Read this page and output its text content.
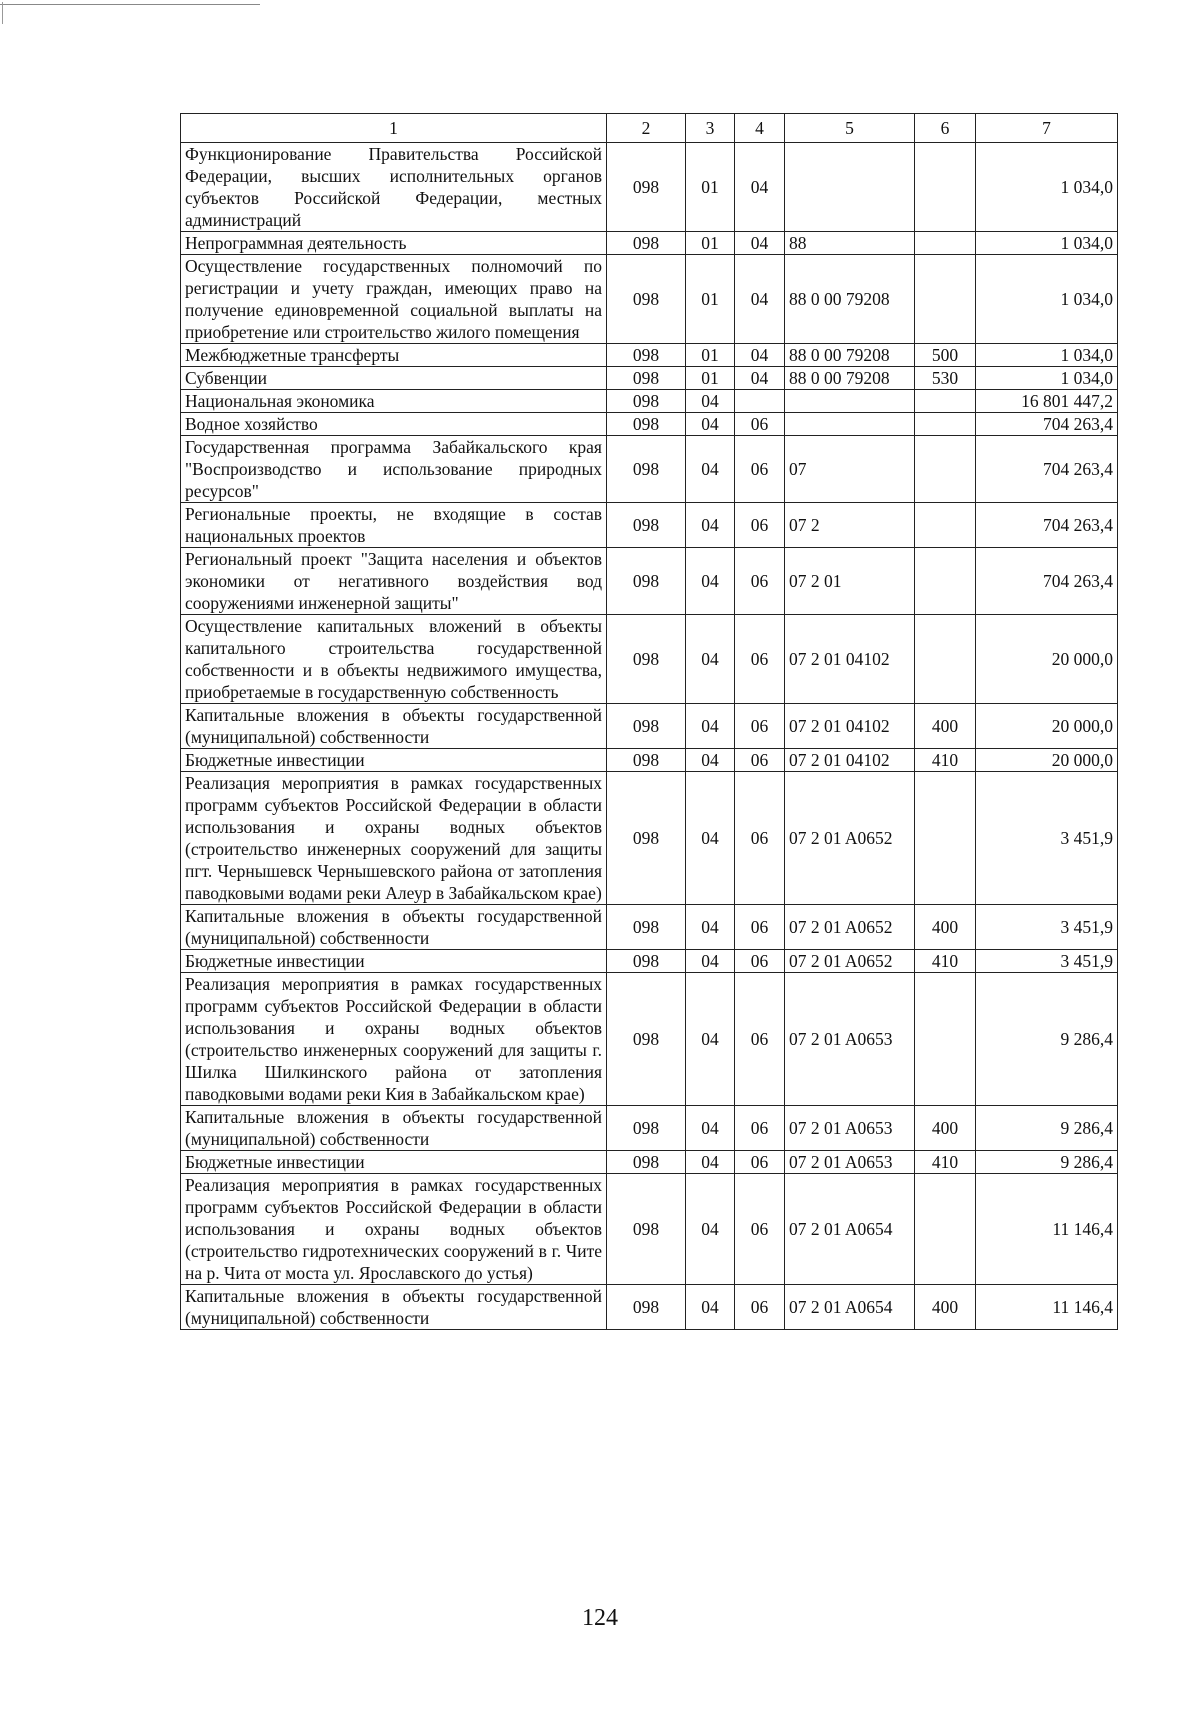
1	2	3	4	5	6	7
Функционирование Правительства Российской Федерации, высших исполнительных органов субъектов Российской Федерации, местных администраций	098	01	04			1 034,0
Непрограммная деятельность	098	01	04	88		1 034,0
Осуществление государственных полномочий по регистрации и учету граждан, имеющих право на получение единовременной социальной выплаты на приобретение или строительство жилого помещения	098	01	04	88 0 00 79208		1 034,0
Межбюджетные трансферты	098	01	04	88 0 00 79208	500	1 034,0
Субвенции	098	01	04	88 0 00 79208	530	1 034,0
Национальная экономика	098	04				16 801 447,2
Водное хозяйство	098	04	06			704 263,4
Государственная программа Забайкальского края "Воспроизводство и использование природных ресурсов"	098	04	06	07		704 263,4
Региональные проекты, не входящие в состав национальных проектов	098	04	06	07 2		704 263,4
Региональный проект "Защита населения и объектов экономики от негативного воздействия вод сооружениями инженерной защиты"	098	04	06	07 2 01		704 263,4
Осуществление капитальных вложений в объекты капитального строительства государственной собственности и в объекты недвижимого имущества, приобретаемые в государственную собственность	098	04	06	07 2 01 04102		20 000,0
Капитальные вложения в объекты государственной (муниципальной) собственности	098	04	06	07 2 01 04102	400	20 000,0
Бюджетные инвестиции	098	04	06	07 2 01 04102	410	20 000,0
Реализация мероприятия в рамках государственных программ субъектов Российской Федерации в области использования и охраны водных объектов (строительство инженерных сооружений для защиты пгт. Чернышевск Чернышевского района от затопления паводковыми водами реки Алеур в Забайкальском крае)	098	04	06	07 2 01 A0652		3 451,9
Капитальные вложения в объекты государственной (муниципальной) собственности	098	04	06	07 2 01 A0652	400	3 451,9
Бюджетные инвестиции	098	04	06	07 2 01 A0652	410	3 451,9
Реализация мероприятия в рамках государственных программ субъектов Российской Федерации в области использования и охраны водных объектов (строительство инженерных сооружений для защиты г. Шилка Шилкинского района от затопления паводковыми водами реки Кия в Забайкальском крае)	098	04	06	07 2 01 A0653		9 286,4
Капитальные вложения в объекты государственной (муниципальной) собственности	098	04	06	07 2 01 A0653	400	9 286,4
Бюджетные инвестиции	098	04	06	07 2 01 A0653	410	9 286,4
Реализация мероприятия в рамках государственных программ субъектов Российской Федерации в области использования и охраны водных объектов (строительство гидротехнических сооружений в г. Чите на р. Чита от моста ул. Ярославского до устья)	098	04	06	07 2 01 A0654		11 146,4
Капитальные вложения в объекты государственной (муниципальной) собственности	098	04	06	07 2 01 A0654	400	11 146,4
124
